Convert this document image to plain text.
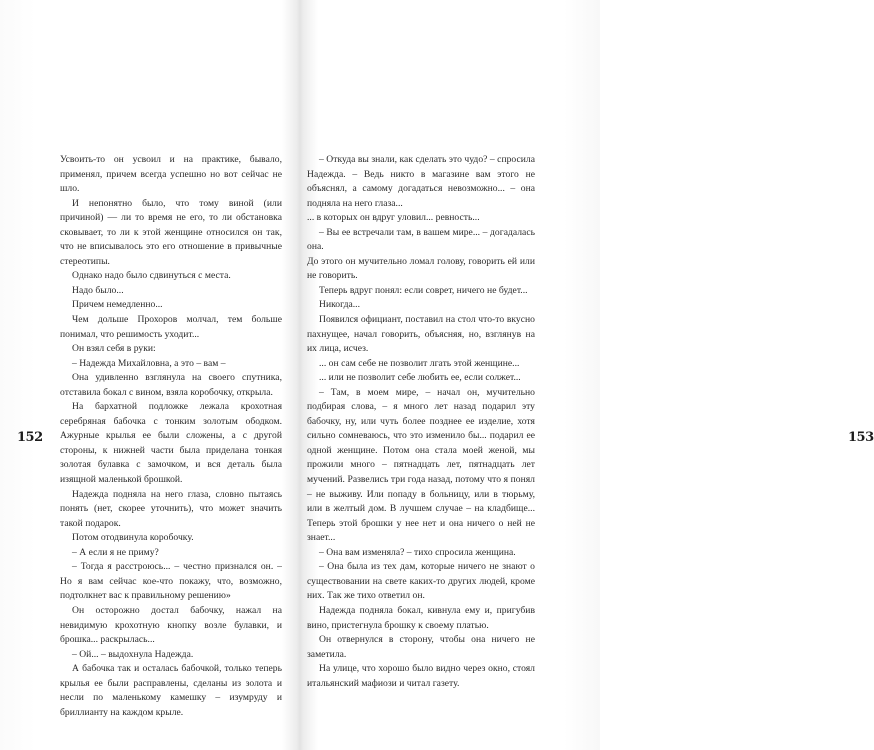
152

Усвоить-то он усвоил и на практике, бывало, применял, причем всегда успешно но вот сейчас не шло.

И непонятно было, что тому виной (или причиной) — ли то время не его, то ли обстановка сковывает, то ли к этой женщине относился он так, что не вписывалось это его отношение в привычные стереотипы.

Однако надо было сдвинуться с места.

Надо было...

Причем немедленно...

Чем дольше Прохоров молчал, тем больше понимал, что решимость уходит...

Он взял себя в руки:

– Надежда Михайловна, а это – вам –

Она удивленно взглянула на своего спутника, отставила бокал с вином, взяла коробочку, открыла.

На бархатной подложке лежала крохотная серебряная бабочка с тонким золотым ободком. Ажурные крылья ее были сложены, а с другой стороны, к нижней части была приделана тонкая золотая булавка с замочком, и вся деталь была изящной маленькой брошкой.

Надежда подняла на него глаза, словно пытаясь понять (нет, скорее уточнить), что может значить такой подарок.

Потом отодвинула коробочку.

– А если я не приму?

– Тогда я расстроюсь... – честно признался он. – Но я вам сейчас кое-что покажу, что, возможно, подтолкнет вас к правильному решению»

Он осторожно достал бабочку, нажал на невидимую крохотную кнопку возле булавки, и брошка... раскрылась...

– Ой... – выдохнула Надежда.

А бабочка так и осталась бабочкой, только теперь крылья ее были расправлены, сделаны из золота и несли по маленькому камешку – изумруду и бриллианту на каждом крыле.

153

– Откуда вы знали, как сделать это чудо? – спросила Надежда. – Ведь никто в магазине вам этого не объяснял, а самому догадаться невозможно... – она подняла на него глаза...

... в которых он вдруг уловил... ревность...

– Вы ее встречали там, в вашем мире... – догадалась она.

До этого он мучительно ломал голову, говорить ей или не говорить.

Теперь вдруг понял: если соврет, ничего не будет...

Никогда...

Появился официант, поставил на стол что-то вкусно пахнущее, начал говорить, объясняя, но, взглянув на их лица, исчез.

... он сам себе не позволит лгать этой женщине...

... или не позволит себе любить ее, если солжет...

– Там, в моем мире, – начал он, мучительно подбирая слова, – я много лет назад подарил эту бабочку, ну, или чуть более позднее ее изделие, хотя сильно сомневаюсь, что это изменило бы... подарил ее одной женщине. Потом она стала моей женой, мы прожили много – пятнадцать лет, пятнадцать лет мучений. Развелись три года назад, потому что я понял – не выживу. Или попаду в больницу, или в тюрьму, или в желтый дом. В лучшем случае – на кладбище... Теперь этой брошки у нее нет и она ничего о ней не знает...

– Она вам изменяла? – тихо спросила женщина.

– Она была из тех дам, которые ничего не знают о существовании на свете каких-то других людей, кроме них. Так же тихо ответил он.

Надежда подняла бокал, кивнула ему и, пригубив вино, пристегнула брошку к своему платью.

Он отвернулся в сторону, чтобы она ничего не заметила.

На улице, что хорошо было видно через окно, стоял итальянский мафиози и читал газету.
